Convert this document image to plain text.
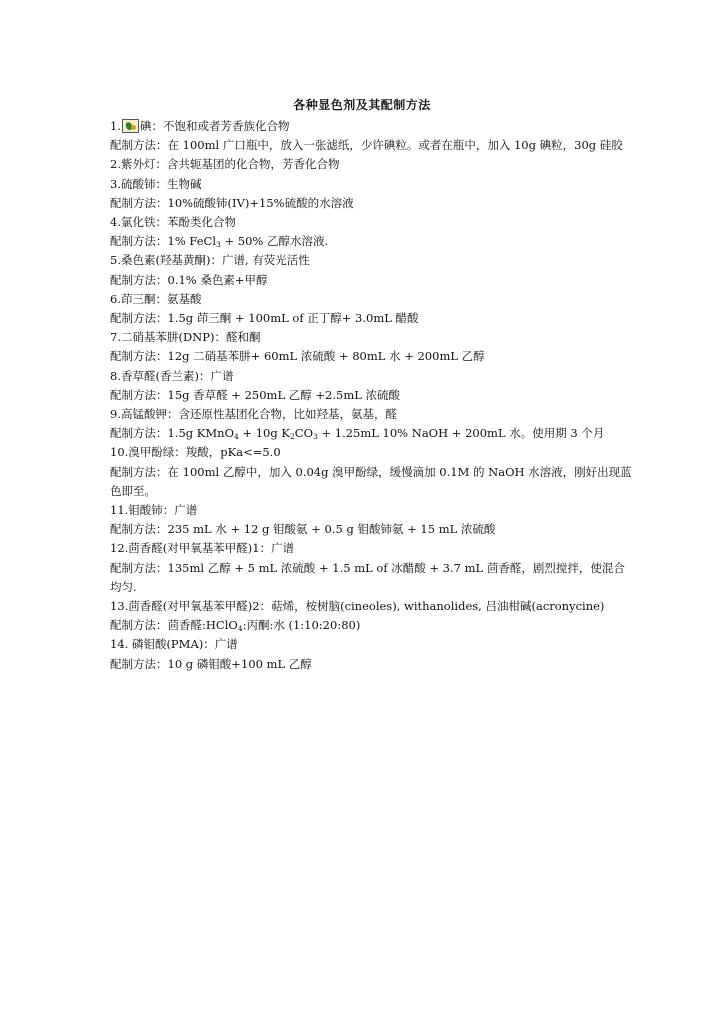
各种显色剂及其配制方法
1. 碘：不饱和或者芳香族化合物
配制方法：在 100ml 广口瓶中，放入一张滤纸，少许碘粒。或者在瓶中，加入 10g 碘粒，30g 硅胶
2.紫外灯：含共轭基团的化合物，芳香化合物
3.硫酸铈：生物碱
配制方法：10%硫酸铈(IV)+15%硫酸的水溶液
4.氯化铁：苯酚类化合物
配制方法：1% FeCl$_3$ + 50% 乙醇水溶液.
5.桑色素(羟基黄酮)：广谱, 有荧光活性
配制方法：0.1% 桑色素+甲醇
6.茚三酮：氨基酸
配制方法：1.5g 茚三酮 + 100mL of 正丁醇+ 3.0mL 醋酸
7.二硝基苯肼(DNP)：醛和酮
配制方法：12g 二硝基苯肼+ 60mL 浓硫酸 + 80mL 水 + 200mL 乙醇
8.香草醛(香兰素)：广谱
配制方法：15g 香草醛 + 250mL 乙醇 +2.5mL 浓硫酸
9.高锰酸钾：含还原性基团化合物，比如羟基，氨基，醛
配制方法：1.5g KMnO$_4$ + 10g $K_2CO_3 + 1.25mL$ 10% NaOH + 200mL 水。使用期 3 个月
10.溴甲酚绿：羧酸，pKa<=5.0
配制方法：在 100ml 乙醇中，加入 0.04g 溴甲酚绿，缓慢滴加 0.1M 的 NaOH 水溶液，刚好出现蓝色即至。
11.钼酸铈：广谱
配制方法：235 mL 水 + 12 g 钼酸氨 + 0.5 g 钼酸铈氨 + 15 mL 浓硫酸
12.茴香醛(对甲氧基苯甲醛)1：广谱
配制方法：135ml 乙醇 + 5 mL 浓硫酸 + 1.5 mL of 冰醋酸 + 3.7 mL 茴香醛，剧烈搅拌，使混合均匀.
13.茴香醛(对甲氧基苯甲醛)2：萜烯，桉树脑(cineoles), withanolides, 吕油柑碱(acronycine)
配制方法：茴香醛:HClO$_4$:丙酮:水 (1:10:20:80)
14. 磷钼酸(PMA)：广谱
配制方法：10 g 磷钼酸+100 mL 乙醇
